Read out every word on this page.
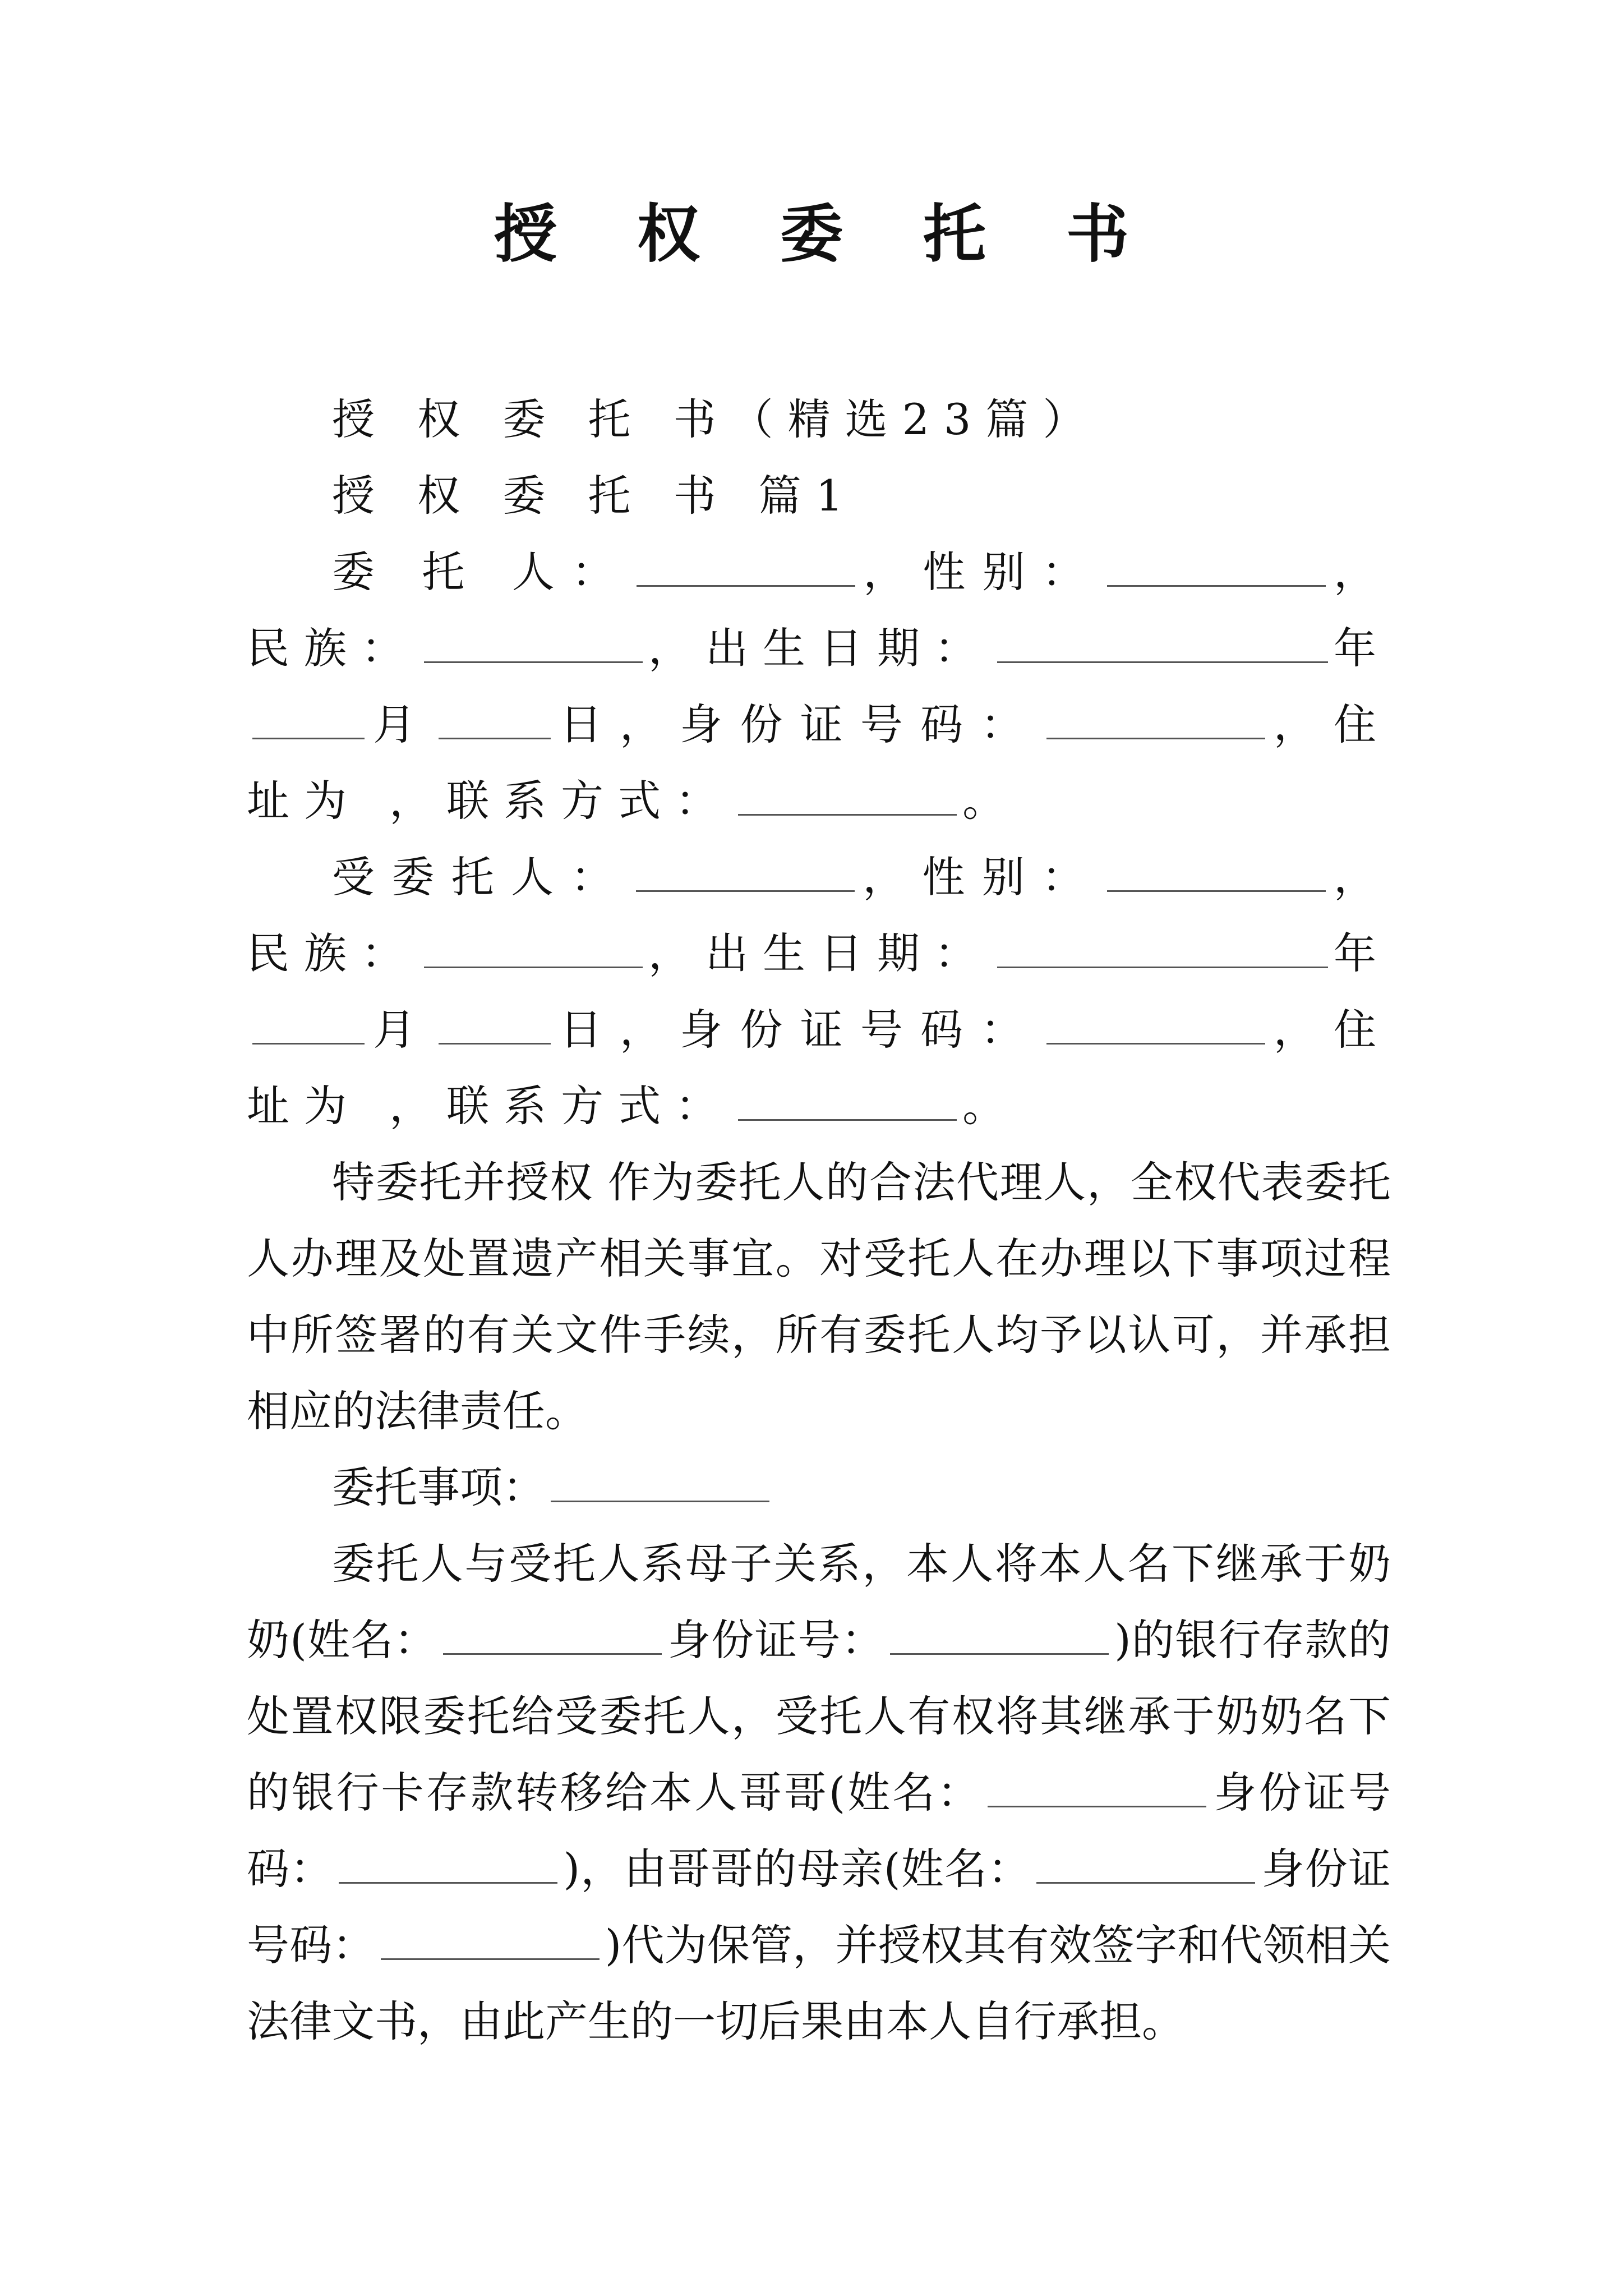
授 权 委 托 书

授 权 委 托 书（精选23篇）

授 权 委 托 书 篇1

委 托 人：	，性别：	，民族：	，出生日期：	年月	日，身份证号码：	，住址为 ，联系方式：	。

受委托人：	，性别：	，民族：	，出生日期：	年月	日，身份证号码：	，住址为 ，联系方式：	。

特委托并授权 作为委托人的合法代理人，全权代表委托人办理及处置遗产相关事宜。对受托人在办理以下事项过程中所签署的有关文件手续，所有委托人均予以认可，并承担相应的法律责任。

委托事项：

委托人与受托人系母子关系，本人将本人名下继承于奶奶(姓名：	身份证号：	)的银行存款的处置权限委托给受委托人，受托人有权将其继承于奶奶名下的银行卡存款转移给本人哥哥(姓名：	身份证号码：	)，由哥哥的母亲(姓名：	身份证号码：	)代为保管，并授权其有效签字和代领相关法律文书，由此产生的一切后果由本人自行承担。
